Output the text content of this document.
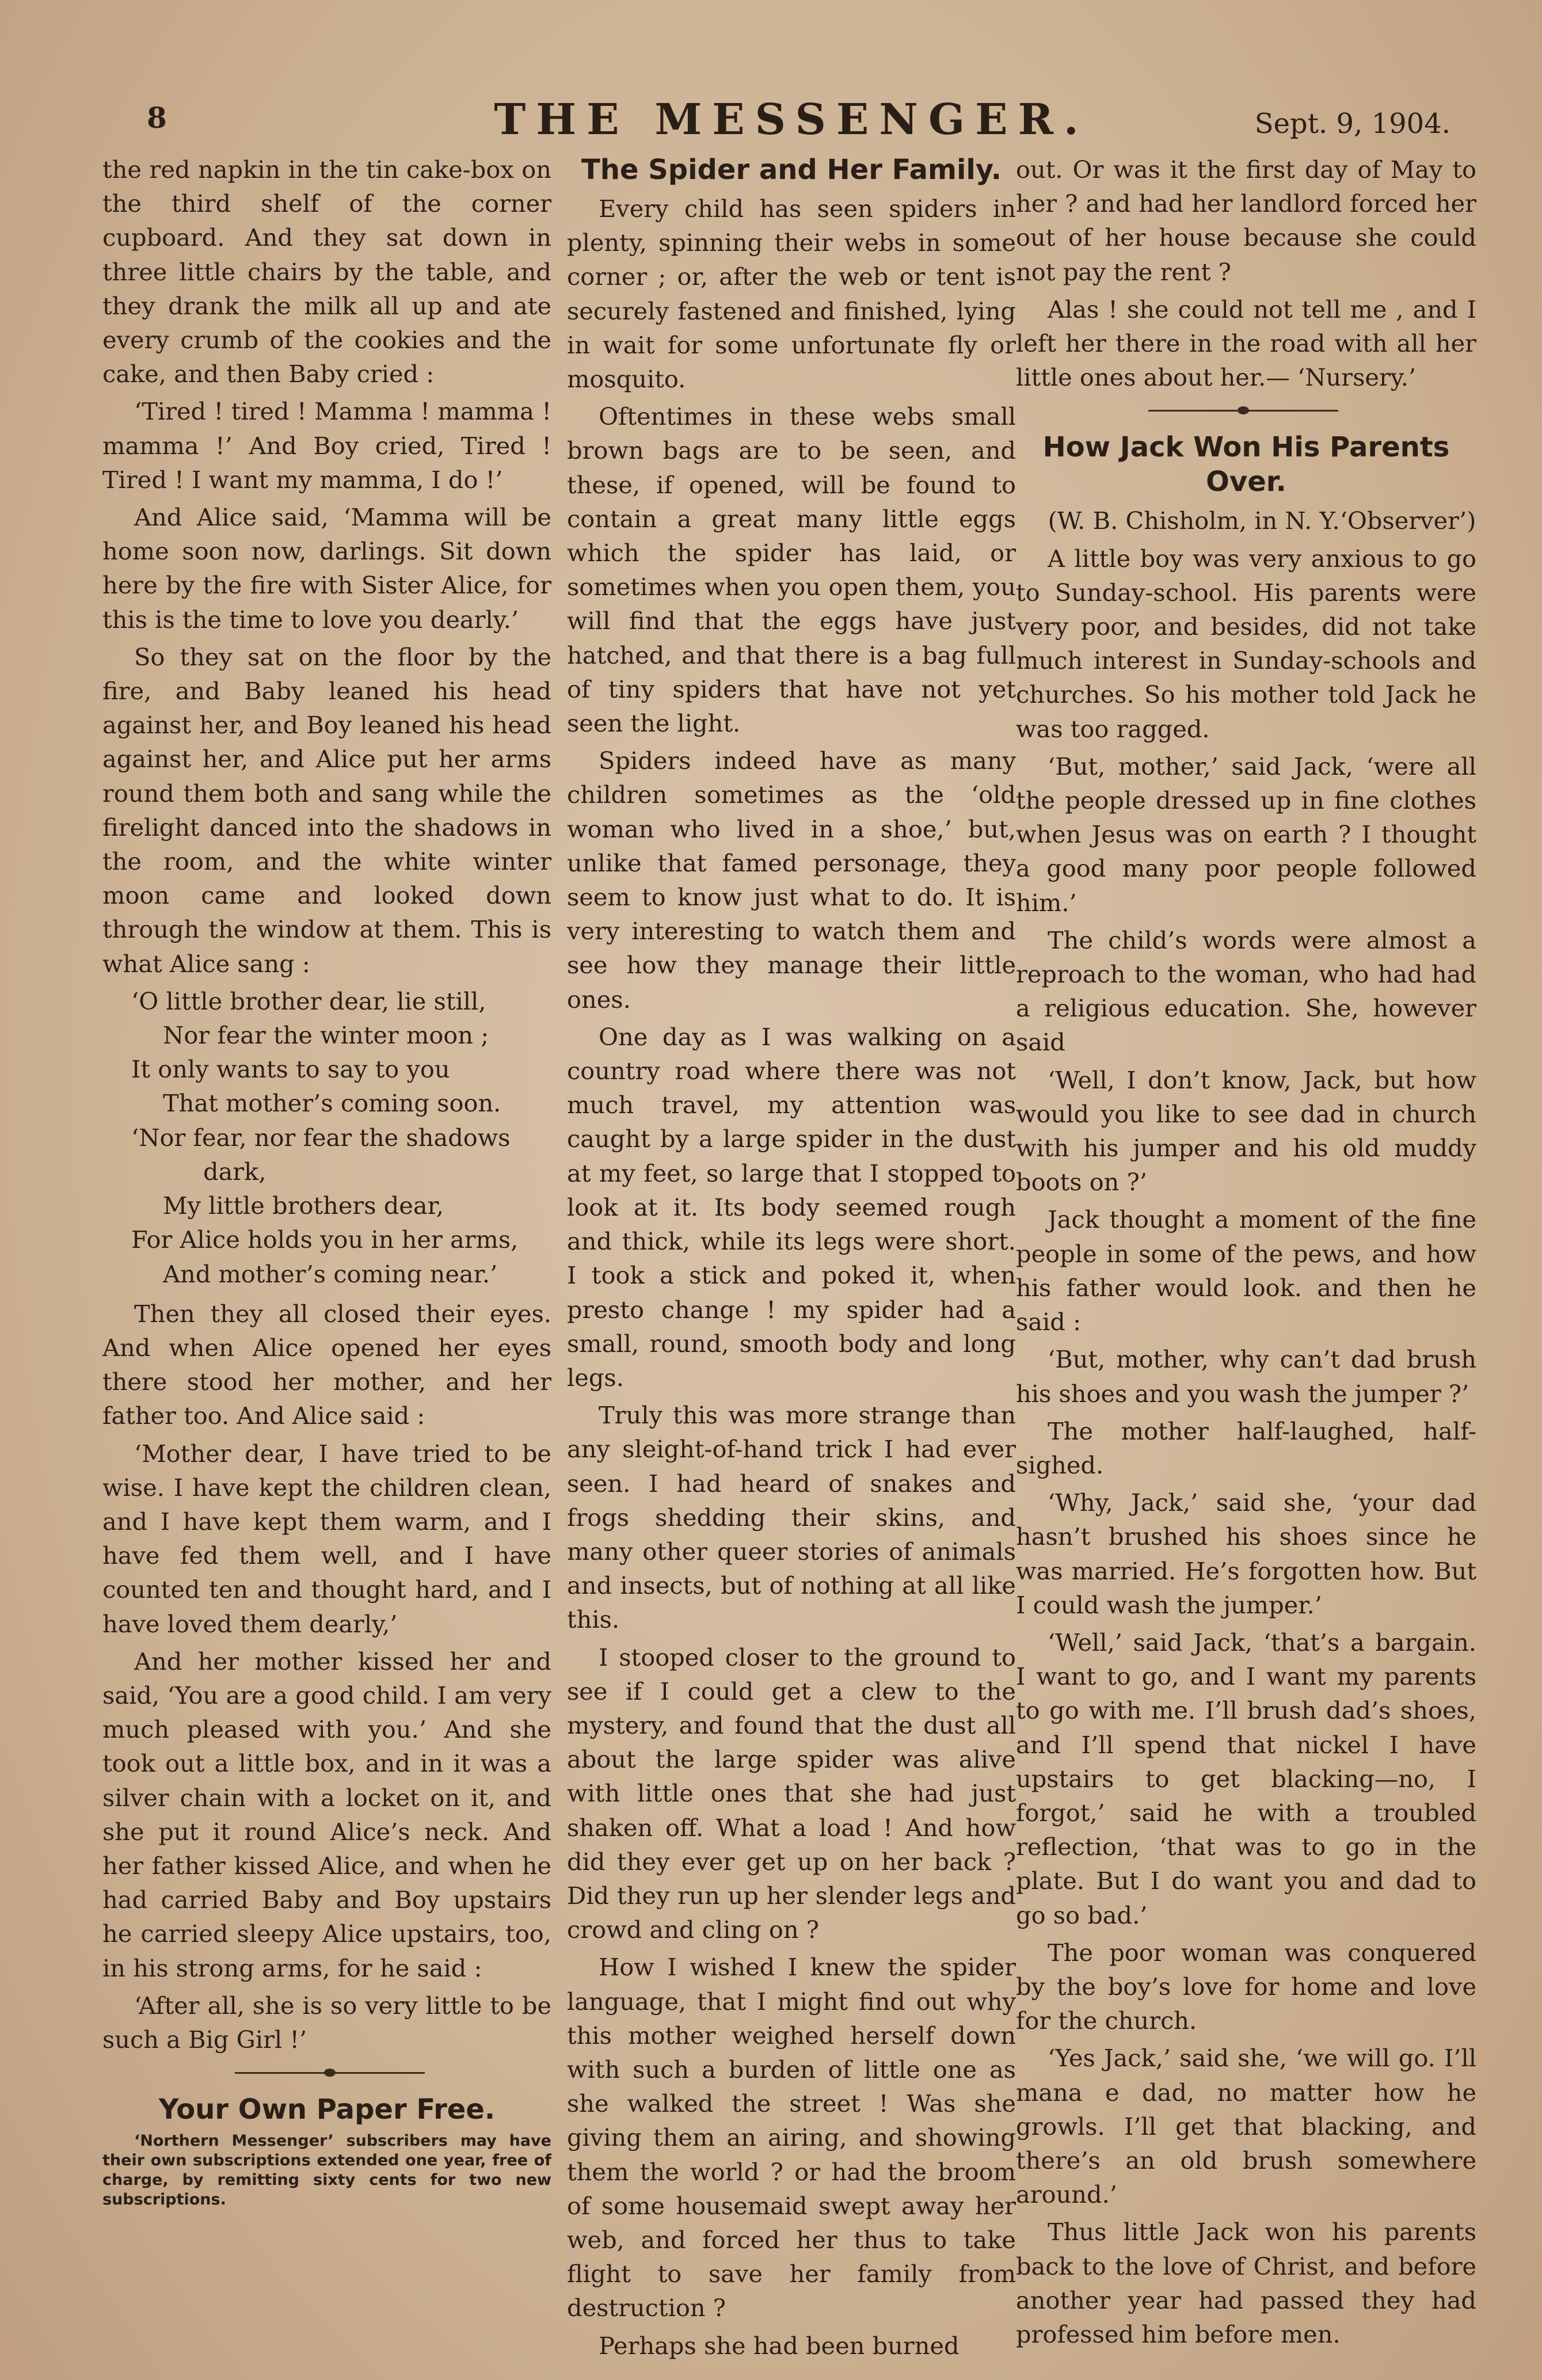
8	THE MESSENGER.	Sept. 9, 1904.

the red napkin in the tin cake-box on the third shelf of the corner cupboard. And they sat down in three little chairs by the table, and they drank the milk all up and ate every crumb of the cookies and the cake, and then Baby cried :

‘Tired ! tired ! Mamma ! mamma ! mamma !’ And Boy cried, Tired ! Tired ! I want my mamma, I do !’

And Alice said, ‘Mamma will be home soon now, darlings. Sit down here by the fire with Sister Alice, for this is the time to love you dearly.’

So they sat on the floor by the fire, and Baby leaned his head against her, and Boy leaned his head against her, and Alice put her arms round them both and sang while the firelight danced into the shadows in the room, and the white winter moon came and looked down through the window at them. This is what Alice sang :

‘O little brother dear, lie still,
Nor fear the winter moon ;
It only wants to say to you
That mother’s coming soon.
‘Nor fear, nor fear the shadows
dark,
My little brothers dear,
For Alice holds you in her arms,
And mother’s coming near.’

Then they all closed their eyes. And when Alice opened her eyes there stood her mother, and her father too. And Alice said :

‘Mother dear, I have tried to be wise. I have kept the children clean, and I have kept them warm, and I have fed them well, and I have counted ten and thought hard, and I have loved them dearly,’

And her mother kissed her and said, ‘You are a good child. I am very much pleased with you.’ And she took out a little box, and in it was a silver chain with a locket on it, and she put it round Alice’s neck. And her father kissed Alice, and when he had carried Baby and Boy upstairs he carried sleepy Alice upstairs, too, in his strong arms, for he said :

‘After all, she is so very little to be such a Big Girl !’

Your Own Paper Free.

‘Northern Messenger’ subscribers may have their own subscriptions extended one year, free of charge, by remitting sixty cents for two new subscriptions.

The Spider and Her Family.

Every child has seen spiders in plenty, spinning their webs in some corner ; or, after the web or tent is securely fastened and finished, lying in wait for some unfortunate fly or mosquito.

Oftentimes in these webs small brown bags are to be seen, and these, if opened, will be found to contain a great many little eggs which the spider has laid, or sometimes when you open them, you will find that the eggs have just hatched, and that there is a bag full of tiny spiders that have not yet seen the light.

Spiders indeed have as many children sometimes as the ‘old woman who lived in a shoe,’ but, unlike that famed personage, they seem to know just what to do. It is very interesting to watch them and see how they manage their little ones.

One day as I was walking on a country road where there was not much travel, my attention was caught by a large spider in the dust at my feet, so large that I stopped to look at it. Its body seemed rough and thick, while its legs were short. I took a stick and poked it, when presto change ! my spider had a small, round, smooth body and long legs.

Truly this was more strange than any sleight-of-hand trick I had ever seen. I had heard of snakes and frogs shedding their skins, and many other queer stories of animals and insects, but of nothing at all like this.

I stooped closer to the ground to see if I could get a clew to the mystery, and found that the dust all about the large spider was alive with little ones that she had just shaken off. What a load ! And how did they ever get up on her back ? Did they run up her slender legs and crowd and cling on ?

How I wished I knew the spider language, that I might find out why this mother weighed herself down with such a burden of little one as she walked the street ! Was she giving them an airing, and showing them the world ? or had the broom of some housemaid swept away her web, and forced her thus to take flight to save her family from destruction ?

Perhaps she had been burned

out. Or was it the first day of May to her ? and had her landlord forced her out of her house because she could not pay the rent ?

Alas ! she could not tell me , and I left her there in the road with all her little ones about her.— ‘Nursery.’

How Jack Won His Parents Over.

(W. B. Chisholm, in N. Y.‘Observer’)

A little boy was very anxious to go to Sunday-school. His parents were very poor, and besides, did not take much interest in Sunday-schools and churches. So his mother told Jack he was too ragged.

‘But, mother,’ said Jack, ‘were all the people dressed up in fine clothes when Jesus was on earth ? I thought a good many poor people followed him.’

The child’s words were almost a reproach to the woman, who had had a religious education. She, however said

‘Well, I don’t know, Jack, but how would you like to see dad in church with his jumper and his old muddy boots on ?’

Jack thought a moment of the fine people in some of the pews, and how his father would look. and then he said :

‘But, mother, why can’t dad brush his shoes and you wash the jumper ?’

The mother half-laughed, half-sighed.

‘Why, Jack,’ said she, ‘your dad hasn’t brushed his shoes since he was married. He’s forgotten how. But I could wash the jumper.’

‘Well,’ said Jack, ‘that’s a bargain. I want to go, and I want my parents to go with me. I’ll brush dad’s shoes, and I’ll spend that nickel I have upstairs to get blacking—no, I forgot,’ said he with a troubled reflection, ‘that was to go in the plate. But I do want you and dad to go so bad.’

The poor woman was conquered by the boy’s love for home and love for the church.

‘Yes Jack,’ said she, ‘we will go. I’ll mana e dad, no matter how he growls. I’ll get that blacking, and there’s an old brush somewhere around.’

Thus little Jack won his parents back to the love of Christ, and before another year had passed they had professed him before men.
